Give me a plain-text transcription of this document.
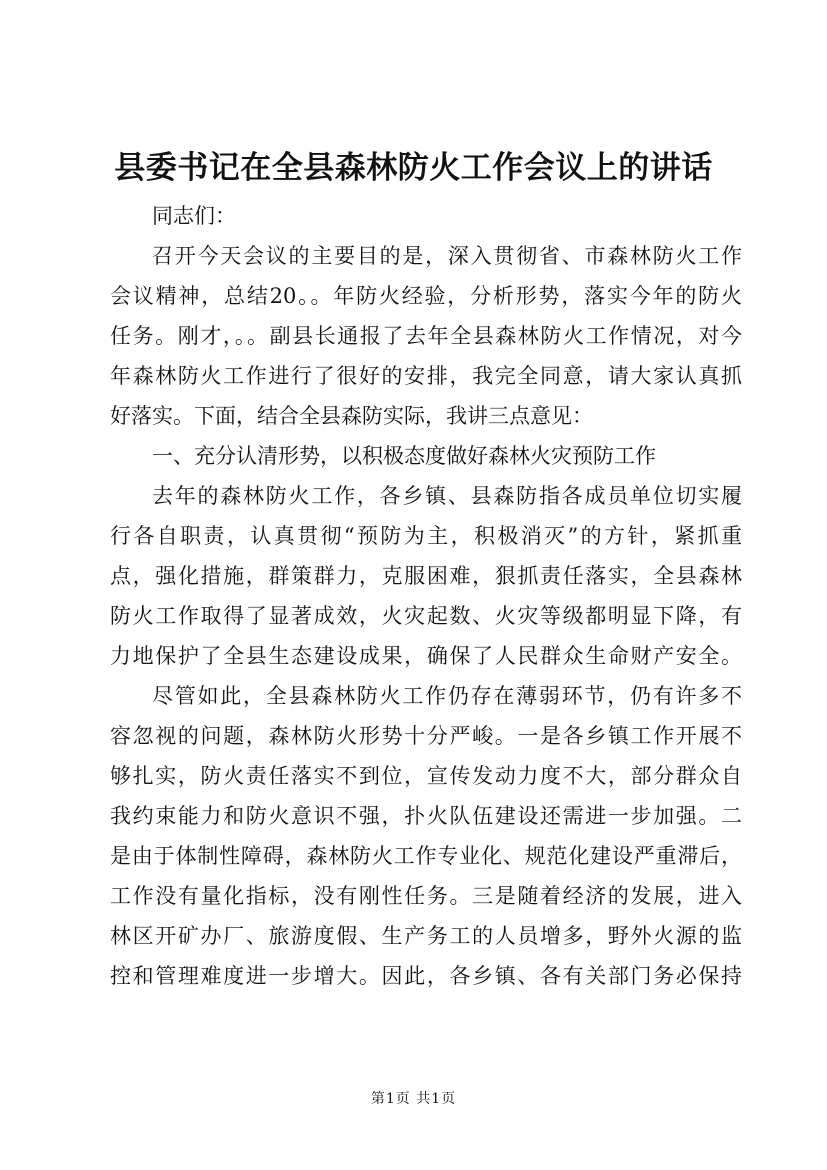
县委书记在全县森林防火工作会议上的讲话
同志们：
召开今天会议的主要目的是，深入贯彻省、市森林防火工作
会议精神，总结20。。年防火经验，分析形势，落实今年的防火
任务。刚才，。。副县长通报了去年全县森林防火工作情况，对今
年森林防火工作进行了很好的安排，我完全同意，请大家认真抓
好落实。下面，结合全县森防实际，我讲三点意见：
一、充分认清形势，以积极态度做好森林火灾预防工作
去年的森林防火工作，各乡镇、县森防指各成员单位切实履
行各自职责，认真贯彻“预防为主，积极消灭”的方针，紧抓重
点，强化措施，群策群力，克服困难，狠抓责任落实，全县森林
防火工作取得了显著成效，火灾起数、火灾等级都明显下降，有
力地保护了全县生态建设成果，确保了人民群众生命财产安全。
尽管如此，全县森林防火工作仍存在薄弱环节，仍有许多不
容忽视的问题，森林防火形势十分严峻。一是各乡镇工作开展不
够扎实，防火责任落实不到位，宣传发动力度不大，部分群众自
我约束能力和防火意识不强，扑火队伍建设还需进一步加强。二
是由于体制性障碍，森林防火工作专业化、规范化建设严重滞后，
工作没有量化指标，没有刚性任务。三是随着经济的发展，进入
林区开矿办厂、旅游度假、生产务工的人员增多，野外火源的监
控和管理难度进一步增大。因此，各乡镇、各有关部门务必保持
第1页 共1页
